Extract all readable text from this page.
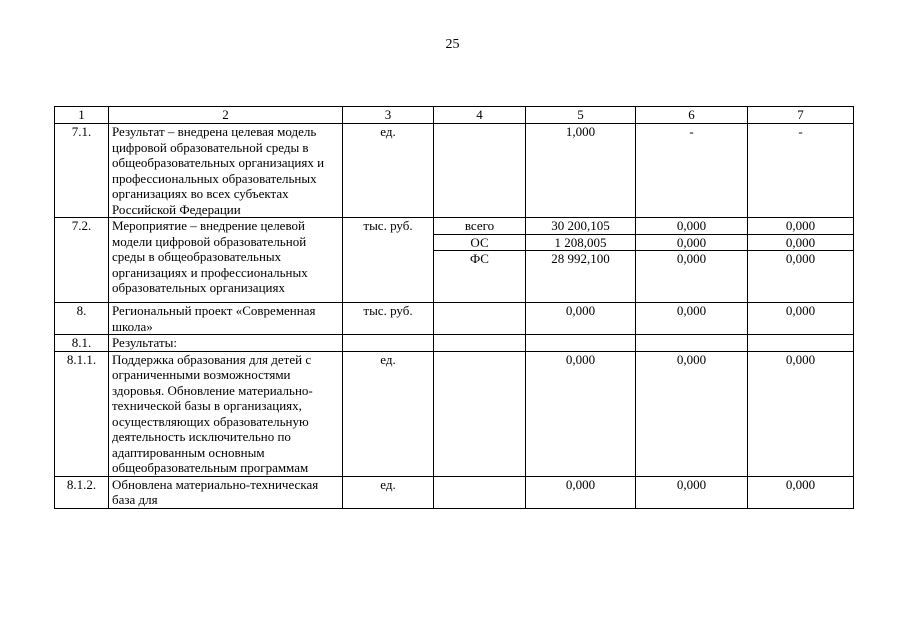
25
1	2	3	4	5	6	7
7.1.	Результат – внедрена целевая модель цифровой образовательной среды в общеобразовательных организациях и профессиональных образовательных организациях во всех субъектах Российской Федерации	ед.		1,000	-	-
7.2.	Мероприятие – внедрение целевой модели цифровой образовательной среды в общеобразовательных организациях и профессиональных образовательных организациях	тыс. руб.	всего	30 200,105	0,000	0,000
			ОС	1 208,005	0,000	0,000
			ФС	28 992,100	0,000	0,000
8.	Региональный проект «Современная школа»	тыс. руб.		0,000	0,000	0,000
8.1.	Результаты:					
8.1.1.	Поддержка образования для детей с ограниченными возможностями здоровья. Обновление материально-технической базы в организациях, осуществляющих образовательную деятельность исключительно по адаптированным основным общеобразовательным программам	ед.		0,000	0,000	0,000
8.1.2.	Обновлена материально-техническая база для	ед.		0,000	0,000	0,000
